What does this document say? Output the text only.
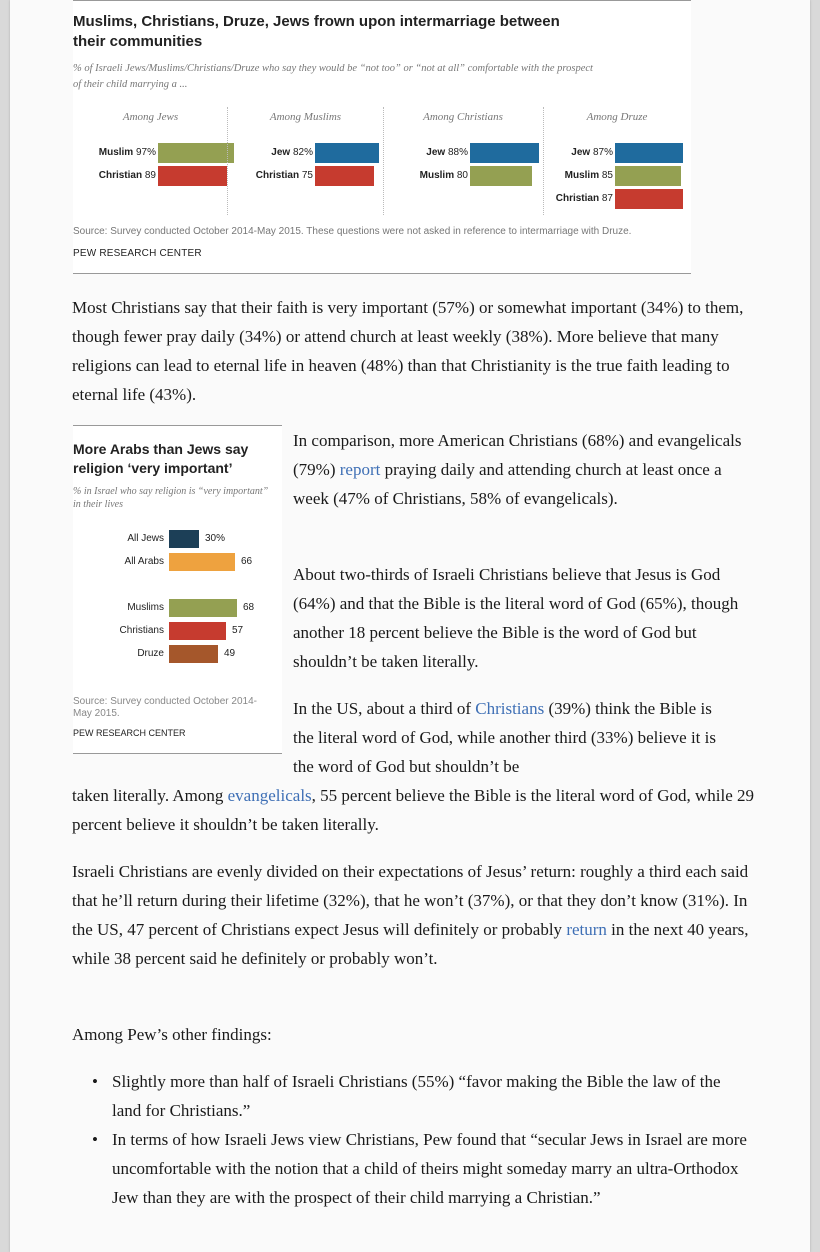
Muslims, Christians, Druze, Jews frown upon intermarriage between their communities
% of Israeli Jews/Muslims/Christians/Druze who say they would be “not too” or “not at all” comfortable with the prospect of their child marrying a ...
Among Jews
Muslim 97%
Christian 89
Among Muslims
Jew 82%
Christian 75
Among Christians
Jew 88%
Muslim 80
Among Druze
Jew 87%
Muslim 85
Christian 87
Source: Survey conducted October 2014-May 2015. These questions were not asked in reference to intermarriage with Druze.
PEW RESEARCH CENTER

Most Christians say that their faith is very important (57%) or somewhat important (34%) to them, though fewer pray daily (34%) or attend church at least weekly (38%). More believe that many religions can lead to eternal life in heaven (48%) than that Christianity is the true faith leading to eternal life (43%).

More Arabs than Jews say religion ‘very important’
% in Israel who say religion is “very important” in their lives
All Jews	30%
All Arabs	66
Muslims	68
Christians	57
Druze	49
Source: Survey conducted October 2014-May 2015.
PEW RESEARCH CENTER

In comparison, more American Christians (68%) and evangelicals (79%) report praying daily and attending church at least once a week (47% of Christians, 58% of evangelicals).

About two-thirds of Israeli Christians believe that Jesus is God (64%) and that the Bible is the literal word of God (65%), though another 18 percent believe the Bible is the word of God but shouldn’t be taken literally.

In the US, about a third of Christians (39%) think the Bible is the literal word of God, while another third (33%) believe it is the word of God but shouldn’t be

taken literally. Among evangelicals, 55 percent believe the Bible is the literal word of God, while 29 percent believe it shouldn’t be taken literally.

Israeli Christians are evenly divided on their expectations of Jesus’ return: roughly a third each said that he’ll return during their lifetime (32%), that he won’t (37%), or that they don’t know (31%). In the US, 47 percent of Christians expect Jesus will definitely or probably return in the next 40 years, while 38 percent said he definitely or probably won’t.

Among Pew’s other findings:

• Slightly more than half of Israeli Christians (55%) “favor making the Bible the law of the land for Christians.”
• In terms of how Israeli Jews view Christians, Pew found that “secular Jews in Israel are more uncomfortable with the notion that a child of theirs might someday marry an ultra-Orthodox Jew than they are with the prospect of their child marrying a Christian.”
